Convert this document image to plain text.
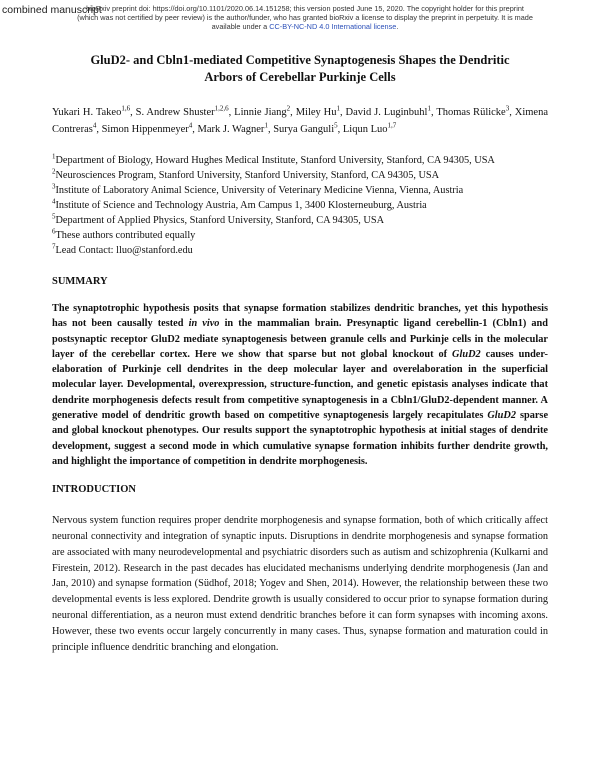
combined manuscript
bioRxiv preprint doi: https://doi.org/10.1101/2020.06.14.151258; this version posted June 15, 2020. The copyright holder for this preprint
(which was not certified by peer review) is the author/funder, who has granted bioRxiv a license to display the preprint in perpetuity. It is made
available under a CC-BY-NC-ND 4.0 International license.
GluD2- and Cbln1-mediated Competitive Synaptogenesis Shapes the Dendritic
Arbors of Cerebellar Purkinje Cells
Yukari H. Takeo$^{1,6}$, S. Andrew Shuster$^{1,2,6}$, Linnie Jiang$^2$, Miley Hu$^1$, David J. Luginbuhl$^1$, Thomas Rülicke$^3$, Ximena Contreras$^4$, Simon Hippenmeyer$^4$, Mark J. Wagner$^1$, Surya Ganguli$^5$, Liqun Luo$^{1,7}$

$^1$Department of Biology, Howard Hughes Medical Institute, Stanford University, Stanford, CA 94305, USA

$^2$Neurosciences Program, Stanford University, Stanford University, Stanford, CA 94305, USA

$^3$Institute of Laboratory Animal Science, University of Veterinary Medicine Vienna, Vienna, Austria

$^4$Institute of Science and Technology Austria, Am Campus 1, 3400 Klosterneuburg, Austria

$^5$Department of Applied Physics, Stanford University, Stanford, CA 94305, USA

$^6$These authors contributed equally

$^7$Lead Contact: lluo@stanford.edu

SUMMARY
The synaptotrophic hypothesis posits that synapse formation stabilizes dendritic branches, yet this hypothesis has not been causally tested in vivo in the mammalian brain. Presynaptic ligand cerebellin-1 (Cbln1) and postsynaptic receptor GluD2 mediate synaptogenesis between granule cells and Purkinje cells in the molecular layer of the cerebellar cortex. Here we show that sparse but not global knockout of GluD2 causes under-elaboration of Purkinje cell dendrites in the deep molecular layer and overelaboration in the superficial molecular layer. Developmental, overexpression, structure-function, and genetic epistasis analyses indicate that dendrite morphogenesis defects result from competitive synaptogenesis in a Cbln1/GluD2-dependent manner. A generative model of dendritic growth based on competitive synaptogenesis largely recapitulates GluD2 sparse and global knockout phenotypes. Our results support the synaptotrophic hypothesis at initial stages of dendrite development, suggest a second mode in which cumulative synapse formation inhibits further dendrite growth, and highlight the importance of competition in dendrite morphogenesis.
INTRODUCTION
Nervous system function requires proper dendrite morphogenesis and synapse formation, both of which critically affect neuronal connectivity and integration of synaptic inputs. Disruptions in dendrite morphogenesis and synapse formation are associated with many neurodevelopmental and psychiatric disorders such as autism and schizophrenia (Kulkarni and Firestein, 2012). Research in the past decades has elucidated mechanisms underlying dendrite morphogenesis (Jan and Jan, 2010) and synapse formation (Südhof, 2018; Yogev and Shen, 2014). However, the relationship between these two developmental events is less explored. Dendrite growth is usually considered to occur prior to synapse formation during neuronal differentiation, as a neuron must extend dendritic branches before it can form synapses with incoming axons. However, these two events occur largely concurrently in many cases. Thus, synapse formation and maturation could in principle influence dendritic branching and elongation.
